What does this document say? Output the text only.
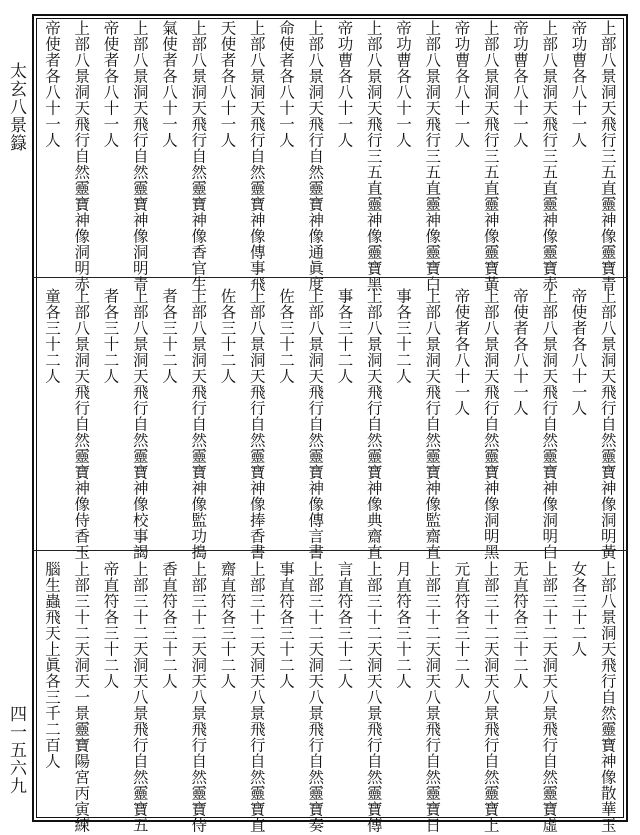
太玄八景籙
四一五六九
上部八景洞天飛行三五直靈神像靈寶青
帝功曹各八十一人
上部八景洞天飛行三五直靈神像靈寶赤
帝功曹各八十一人
上部八景洞天飛行三五直靈神像靈寶黃
帝功曹各八十一人
上部八景洞天飛行三五直靈神像靈寶白
帝功曹各八十一人
上部八景洞天飛行三五直靈神像靈寶黑
帝功曹各八十一人
上部八景洞天飛行自然靈寶神像通眞度
命使者各八十一人
上部八景洞天飛行自然靈寶神像傳事飛
天使者各八十一人
上部八景洞天飛行自然靈寶神像香官生
氣使者各八十一人
上部八景洞天飛行自然靈寶神像洞明青
帝使者各八十一人
上部八景洞天飛行自然靈寶神像洞明赤
帝使者各八十一人
上部八景洞天飛行自然靈寶神像洞明黃
帝使者各八十一人
上部八景洞天飛行自然靈寶神像洞明白
帝使者各八十一人
上部八景洞天飛行自然靈寶神像洞明黑
帝使者各八十一人
上部八景洞天飛行自然靈寶神像監齋直
事各三十二人
上部八景洞天飛行自然靈寶神像典齋直
事各三十二人
上部八景洞天飛行自然靈寶神像傳言書
佐各三十二人
上部八景洞天飛行自然靈寶神像捧香書
佐各三十二人
上部八景洞天飛行自然靈寶神像監功搗
者各三十二人
上部八景洞天飛行自然靈寶神像校事謁
者各三十二人
上部八景洞天飛行自然靈寶神像侍香玉
童各三十二人
上部八景洞天飛行自然靈寶神像散華玉
女各三十二人
上部三十二天洞天八景飛行自然靈寶虛
无直符各三十二人
上部三十二天洞天八景飛行自然靈寶上
元直符各三十二人
上部三十二天洞天八景飛行自然靈寶日
月直符各三十二人
上部三十二天洞天八景飛行自然靈寶傳
言直符各三十二人
上部三十二天洞天八景飛行自然靈寶奏
事直符各三十二人
上部三十二天洞天八景飛行自然靈寶直
齋直符各三十二人
上部三十二天洞天八景飛行自然靈寶侍
香直符各三十二人
上部三十二天洞天八景飛行自然靈寶五
帝直符各三十二人
上部三十二天洞天一景靈寶陽宮丙寅練
腦生蟲飛天上眞各三千二百人
